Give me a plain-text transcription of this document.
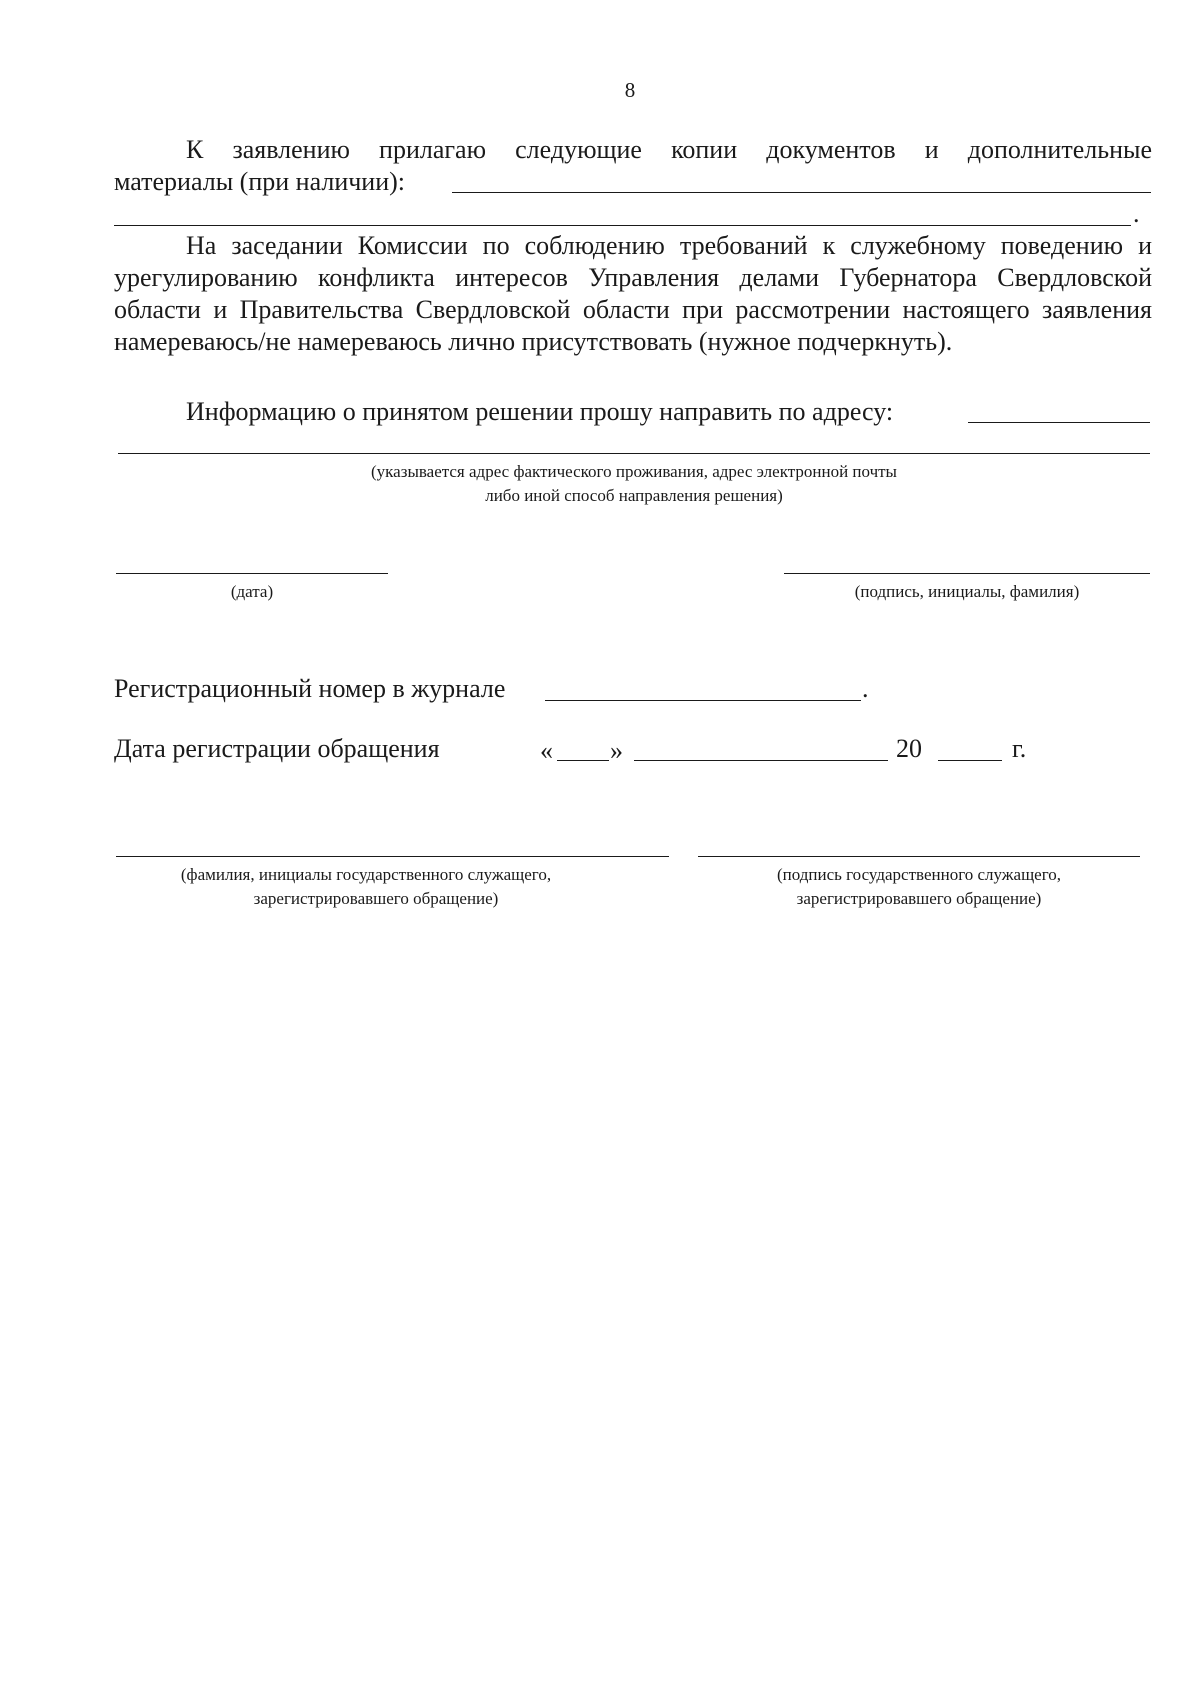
8
К заявлению прилагаю следующие копии документов и дополнительные
материалы (при наличии):
.

На заседании Комиссии по соблюдению требований к служебному поведению и урегулированию конфликта интересов Управления делами Губернатора Свердловской области и Правительства Свердловской области при рассмотрении настоящего заявления намереваюсь/не намереваюсь лично присутствовать (нужное подчеркнуть).

Информацию о принятом решении прошу направить по адресу:
(указывается адрес фактического проживания, адрес электронной почты
либо иной способ направления решения)
(дата)	(подпись, инициалы, фамилия)
Регистрационный номер в журнале	.
Дата регистрации обращения	« »	20	г.
(фамилия, инициалы государственного служащего,
зарегистрировавшего обращение)
(подпись государственного служащего,
зарегистрировавшего обращение)
